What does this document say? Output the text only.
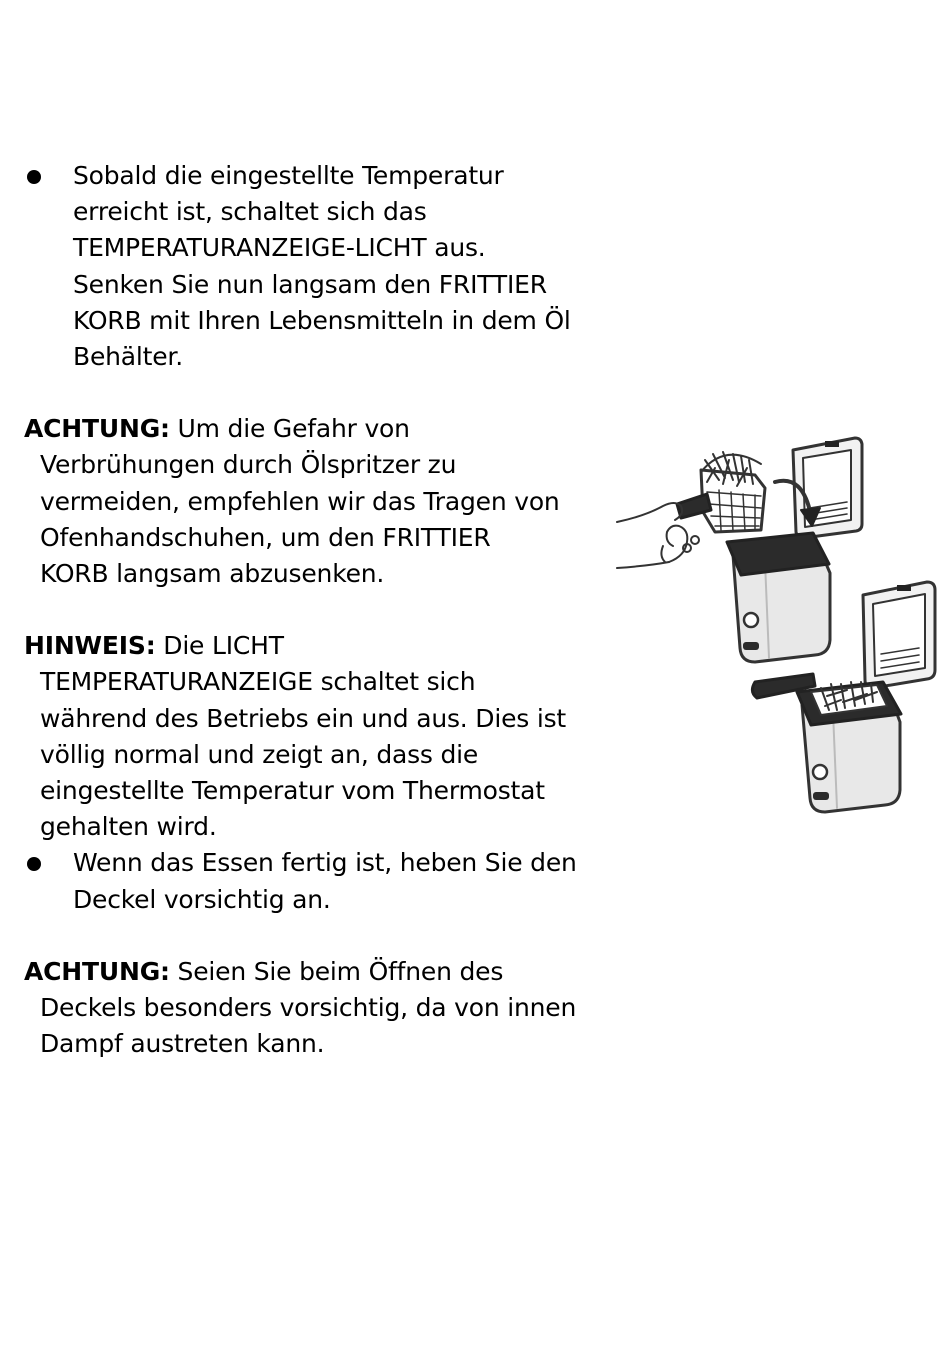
Sobald die eingestellte Temperatur
erreicht ist, schaltet sich das
TEMPERATURANZEIGE-LICHT aus.
Senken Sie nun langsam den FRITTIER
KORB mit Ihren Lebensmitteln in dem Öl
Behälter.
ACHTUNG: Um die Gefahr von
Verbrühungen durch Ölspritzer zu
vermeiden, empfehlen wir das Tragen von
Ofenhandschuhen, um den FRITTIER
KORB langsam abzusenken.
HINWEIS: Die LICHT
TEMPERATURANZEIGE schaltet sich
während des Betriebs ein und aus. Dies ist
völlig normal und zeigt an, dass die
eingestellte Temperatur vom Thermostat
gehalten wird.
Wenn das Essen fertig ist, heben Sie den
Deckel vorsichtig an.
ACHTUNG: Seien Sie beim Öffnen des
Deckels besonders vorsichtig, da von innen
Dampf austreten kann.
